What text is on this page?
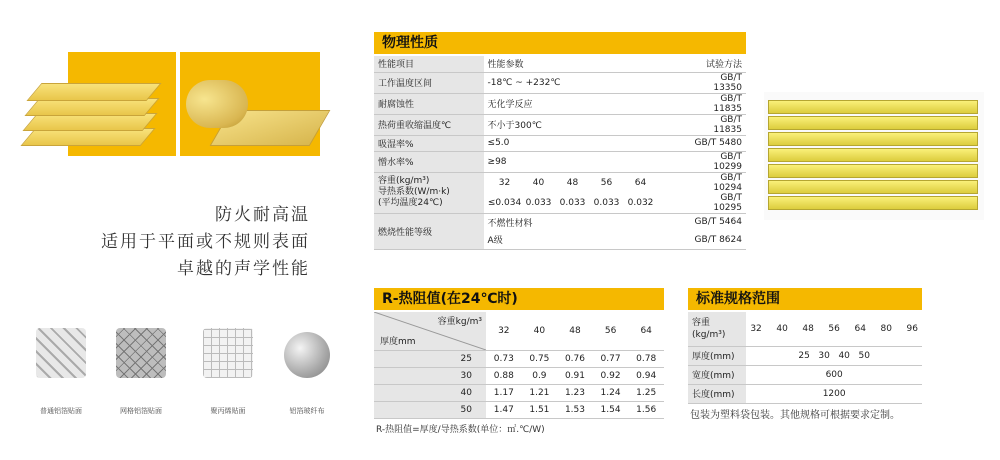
防火耐高温
适用于平面或不规则表面
卓越的声学性能
普通铝箔贴面	网格铝箔贴面	聚丙烯贴面	铝箔玻纤布
物理性质
性能项目	性能参数	试验方法
工作温度区间	-18℃ ~ +232℃	GB/T 13350
耐腐蚀性	无化学反应	GB/T 11835
热荷重收缩温度℃	不小于300℃	GB/T 11835
吸湿率%	≤5.0	GB/T 5480
憎水率%	≥98	GB/T 10299

容重(kg/m³)
导热系数(W/m·k)
(平均温度24℃)	32 40 48 56 64	GB/T 10294
	≤0.034 0.033 0.033 0.033 0.032	GB/T 10295
燃烧性能等级	不燃性材料	GB/T 5464
	A级	GB/T 8624
R-热阻值(在24℃时)
容重kg/m³
厚度mm	32	40	48	56	64
25	0.73	0.75	0.76	0.77	0.78
30	0.88	0.9	0.91	0.92	0.94
40	1.17	1.21	1.23	1.24	1.25
50	1.47	1.51	1.53	1.54	1.56
R-热阻值=厚度/导热系数(单位：㎡.℃/W)
标准规格范围
容重
(kg/m³)	32   40   48   56   64   80   96
厚度(mm)	25   30   40   50
宽度(mm)	600
长度(mm)	1200
包装为塑料袋包装。其他规格可根据要求定制。
